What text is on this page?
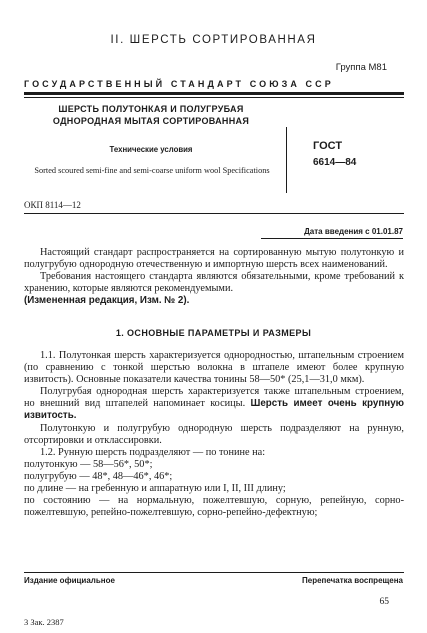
II. ШЕРСТЬ СОРТИРОВАННАЯ
Группа М81
ГОСУДАРСТВЕННЫЙ СТАНДАРТ СОЮЗА ССР
ШЕРСТЬ ПОЛУТОНКАЯ И ПОЛУГРУБАЯ ОДНОРОДНАЯ МЫТАЯ СОРТИРОВАННАЯ
Технические условия
Sorted scoured semi-fine and semi-coarse uniform wool Specifications
ГОСТ
6614—84
ОКП 8114—12
Дата введения с 01.01.87

Настоящий стандарт распространяется на сортированную мытую полутонкую и полугрубую однородную отечественную и импортную шерсть всех наименований.

Требования настоящего стандарта являются обязательными, кроме требований к хранению, которые являются рекомендуемыми.

(Измененная редакция, Изм. № 2).

1. ОСНОВНЫЕ ПАРАМЕТРЫ И РАЗМЕРЫ

1.1. Полутонкая шерсть характеризуется однородностью, штапельным строением (по сравнению с тонкой шерстью волокна в штапеле имеют более крупную извитость). Основные показатели качества тонины 58—50* (25,1—31,0 мкм).

Полугрубая однородная шерсть характеризуется также штапельным строением, но внешний вид штапелей напоминает косицы. Шерсть имеет очень крупную извитость.

Полутонкую и полугрубую однородную шерсть подразделяют на рунную, отсортировки и откласcировки.

1.2. Рунную шерсть подразделяют — по тонине на:

полутонкую — 58—56*, 50*;

полугрубую — 48*, 48—46*, 46*;

по длине — на гребенную и аппаратную или I, II, III длину;

по состоянию — на нормальную, пожелтевшую, сорную, репейную, сорно-пожелтевшую, репейно-пожелтевшую, сорно-репейно-дефектную;

Издание официальное	Перепечатка воспрещена
65
3 Зак. 2387
